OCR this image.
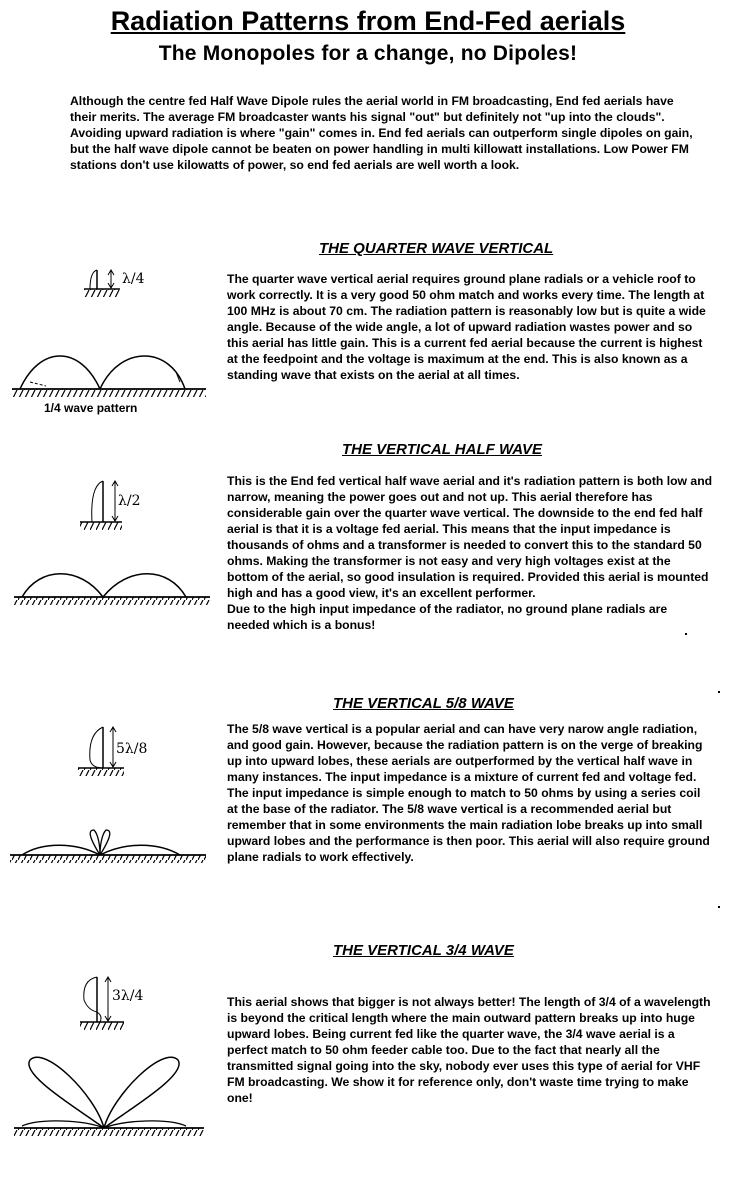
Radiation Patterns from End-Fed aerials
The Monopoles for a change, no Dipoles!

Although the centre fed Half Wave Dipole rules the aerial world in FM broadcasting, End fed aerials have their merits. The average FM broadcaster wants his signal "out" but definitely not "up into the clouds". Avoiding upward radiation is where "gain" comes in. End fed aerials can outperform single dipoles on gain, but the half wave dipole cannot be beaten on power handling in multi killowatt installations. Low Power FM stations don't use kilowatts of power, so end fed aerials are well worth a look.

THE QUARTER WAVE VERTICAL
λ/4
1/4 wave pattern

The quarter wave vertical aerial requires ground plane radials or a vehicle roof to work correctly. It is a very good 50 ohm match and works every time. The length at 100 MHz is about 70 cm. The radiation pattern is reasonably low but is quite a wide angle. Because of the wide angle, a lot of upward radiation wastes power and so this aerial has little gain. This is a current fed aerial because the current is highest at the feedpoint and the voltage is maximum at the end. This is also known as a standing wave that exists on the aerial at all times.

THE VERTICAL HALF WAVE
λ/2

This is the End fed vertical half wave aerial and it's radiation pattern is both low and narrow, meaning the power goes out and not up. This aerial therefore has considerable gain over the quarter wave vertical. The downside to the end fed half aerial is that it is a voltage fed aerial. This means that the input impedance is thousands of ohms and a transformer is needed to convert this to the standard 50 ohms. Making the transformer is not easy and very high voltages exist at the bottom of the aerial, so good insulation is required. Provided this aerial is mounted high and has a good view, it's an excellent performer.

Due to the high input impedance of the radiator, no ground plane radials are needed which is a bonus!

THE VERTICAL 5/8 WAVE
5λ/8

The 5/8 wave vertical is a popular aerial and can have very narow angle radiation, and good gain. However, because the radiation pattern is on the verge of breaking up into upward lobes, these aerials are outperformed by the vertical half wave in many instances. The input impedance is a mixture of current fed and voltage fed. The input impedance is simple enough to match to 50 ohms by using a series coil at the base of the radiator. The 5/8 wave vertical is a recommended aerial but remember that in some environments the main radiation lobe breaks up into small upward lobes and the performance is then poor. This aerial will also require ground plane radials to work effectively.

THE VERTICAL 3/4 WAVE
3λ/4	This aerial shows that bigger is not always better! The length of 3/4 of a wavelength is beyond the critical length where the main outward pattern breaks up into huge upward lobes. Being current fed like the quarter wave, the 3/4 wave aerial is a perfect match to 50 ohm feeder cable too. Due to the fact that nearly all the transmitted signal going into the sky, nobody ever uses this type of aerial for VHF FM broadcasting. We show it for reference only, don't waste time trying to make one!
